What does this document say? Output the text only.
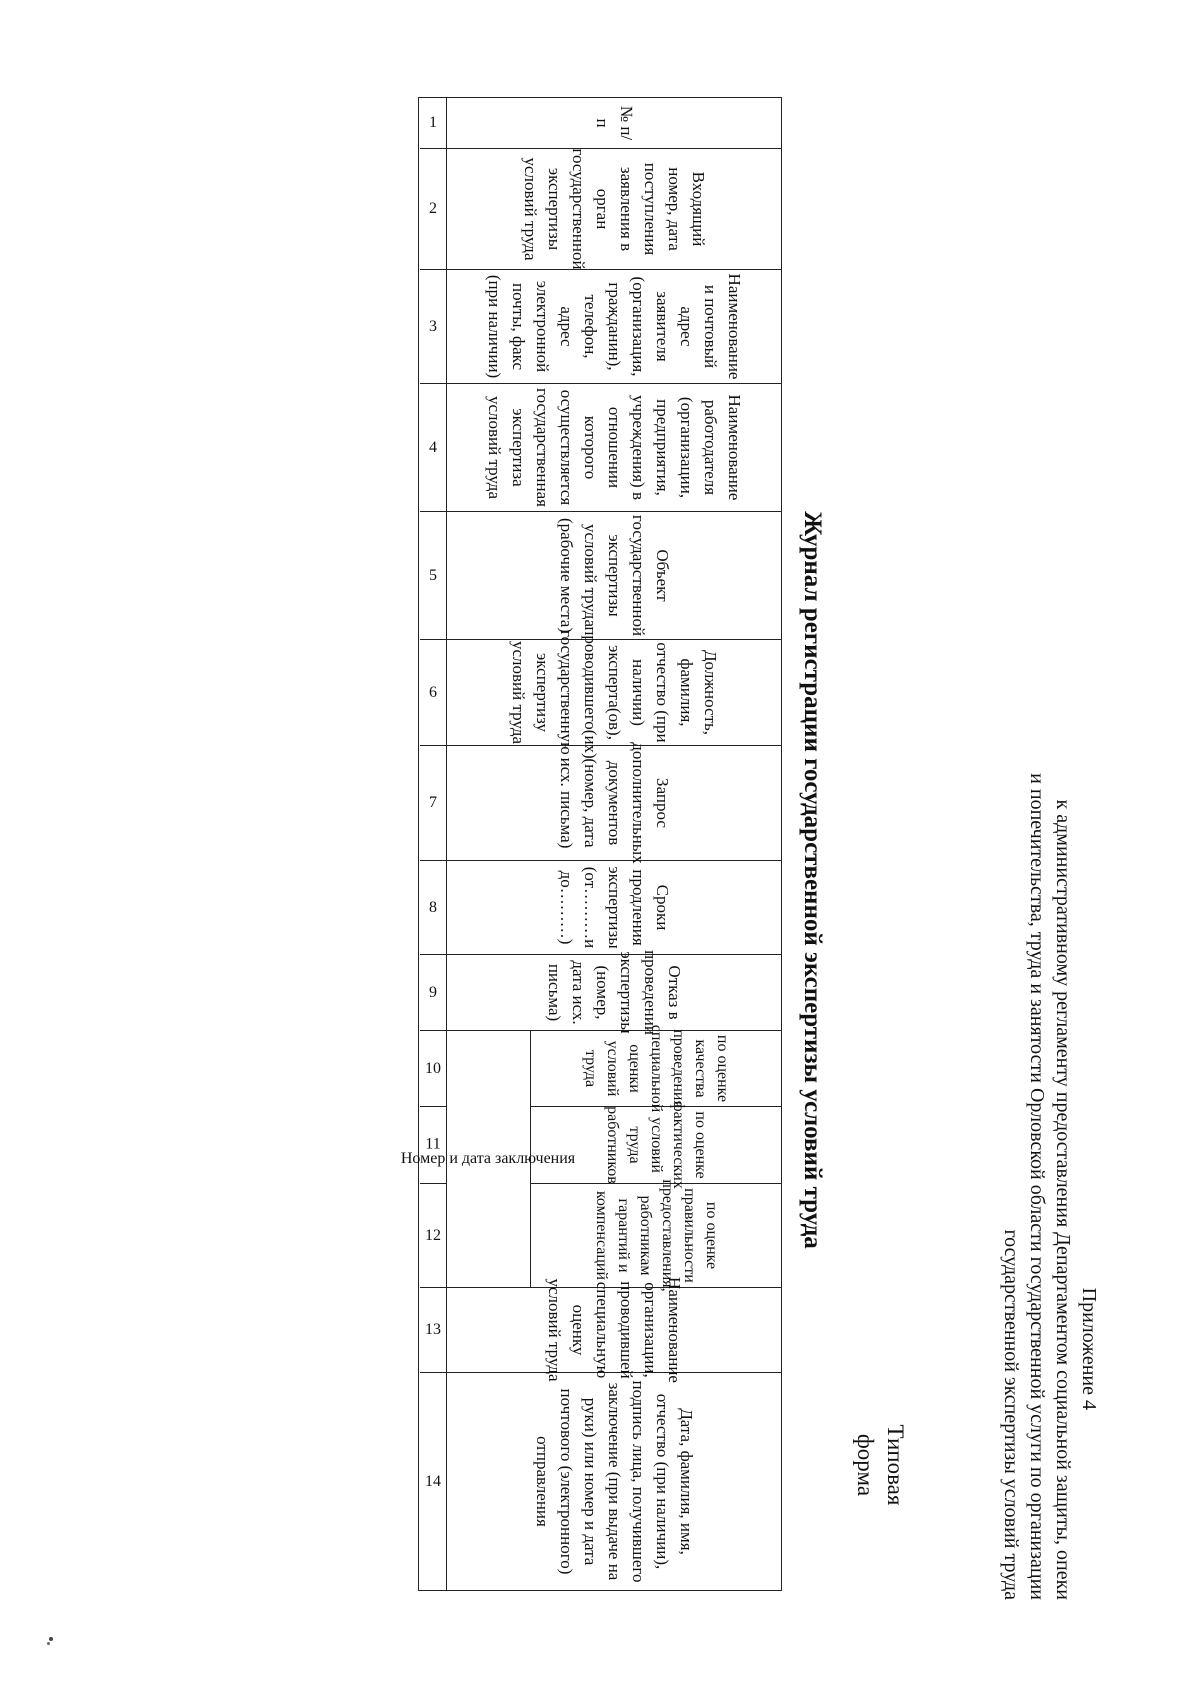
Приложение 4
к административному регламенту предоставления Департаментом социальной защиты, опеки
и попечительства, труда и занятости Орловской области государственной услуги по организации
государственной экспертизы условий труда
Типовая
форма
Журнал регистрации государственной экспертизы условий труда
№ п/п
Входящий номер, дата поступления заявления в орган государственной экспертизы условий труда
Наименование и почтовый адрес заявителя (организация, гражданин), телефон, адрес электронной почты, факс (при наличии)
Наименование работодателя (организации, предприятия, учреждения) в отношении которого осуществляется государственная экспертиза условий труда
Объект государственной экспертизы условий труда (рабочие места)
Должность, фамилия, отчество (при наличии) эксперта(ов), проводившего(их) государственную экспертизу условий труда
Запрос дополнительных документов (номер, дата исх. письма)
Сроки продления экспертизы (от………и до………)
Отказ в проведении экспертизы (номер, дата исх. письма)
по оценке качества проведения специальной оценки условий труда
по оценке фактических условий труда работников
по оценке правильности предоставления, работникам гарантий и компенсаций
Номер и дата заключения
Наименование организации, проводившей специальную оценку условий труда
Дата, фамилия, имя, отчество (при наличии), подпись лица, получившего заключение (при выдаче на руки) или номер и дата почтового (электронного) отправления
1
2
3
4
5
6
7
8
9
10
11
12
13
14
